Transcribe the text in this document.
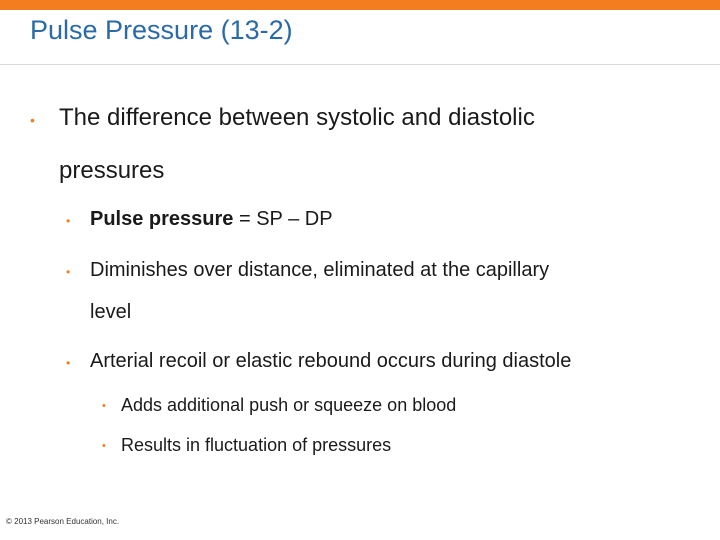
Pulse Pressure (13-2)
• The difference between systolic and diastolic
pressures
• Pulse pressure = SP – DP
• Diminishes over distance, eliminated at the capillary
level
• Arterial recoil or elastic rebound occurs during diastole
• Adds additional push or squeeze on blood
• Results in fluctuation of pressures
© 2013 Pearson Education, Inc.
